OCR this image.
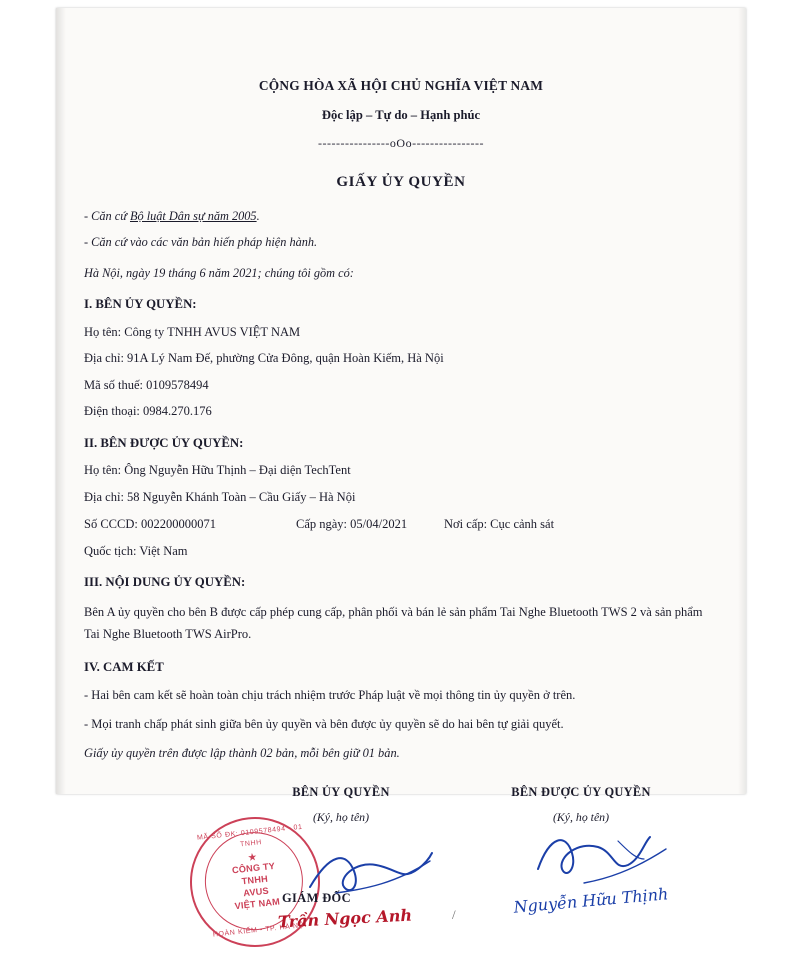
CỘNG HÒA XÃ HỘI CHỦ NGHĨA VIỆT NAM
Độc lập – Tự do – Hạnh phúc
----------------oOo----------------
GIẤY ỦY QUYỀN
- Căn cứ Bộ luật Dân sự năm 2005.
- Căn cứ vào các văn bản hiến pháp hiện hành.
Hà Nội, ngày 19 tháng 6 năm 2021; chúng tôi gồm có:
I. BÊN ỦY QUYỀN:
Họ tên: Công ty TNHH AVUS VIỆT NAM
Địa chỉ: 91A Lý Nam Đế, phường Cửa Đông, quận Hoàn Kiếm, Hà Nội
Mã số thuế: 0109578494
Điện thoại: 0984.270.176
II. BÊN ĐƯỢC ỦY QUYỀN:
Họ tên: Ông Nguyễn Hữu Thịnh – Đại diện TechTent
Địa chỉ: 58 Nguyễn Khánh Toàn – Cầu Giấy – Hà Nội
Số CCCD: 002200000071	Cấp ngày: 05/04/2021	Nơi cấp: Cục cảnh sát
Quốc tịch: Việt Nam
III. NỘI DUNG ỦY QUYỀN:
Bên A ủy quyền cho bên B được cấp phép cung cấp, phân phối và bán lẻ sản phẩm Tai Nghe Bluetooth TWS 2 và sản phẩm Tai Nghe Bluetooth TWS AirPro.
IV. CAM KẾT
- Hai bên cam kết sẽ hoàn toàn chịu trách nhiệm trước Pháp luật về mọi thông tin ủy quyền ở trên.
- Mọi tranh chấp phát sinh giữa bên ủy quyền và bên được ủy quyền sẽ do hai bên tự giải quyết.
Giấy ủy quyền trên được lập thành 02 bản, mỗi bên giữ 01 bản.
BÊN ỦY QUYỀN
(Ký, họ tên)
BÊN ĐƯỢC ỦY QUYỀN
(Ký, họ tên)
MÃ SỐ ĐK: 0109578494 - 01 TNHH
HOÀN KIẾM - TP. HÀ NỘI
★
CÔNG TY
TNHH
AVUS
VIỆT NAM GIÁM ĐỐC
Trần Ngọc Anh
Nguyễn Hữu Thịnh
/
